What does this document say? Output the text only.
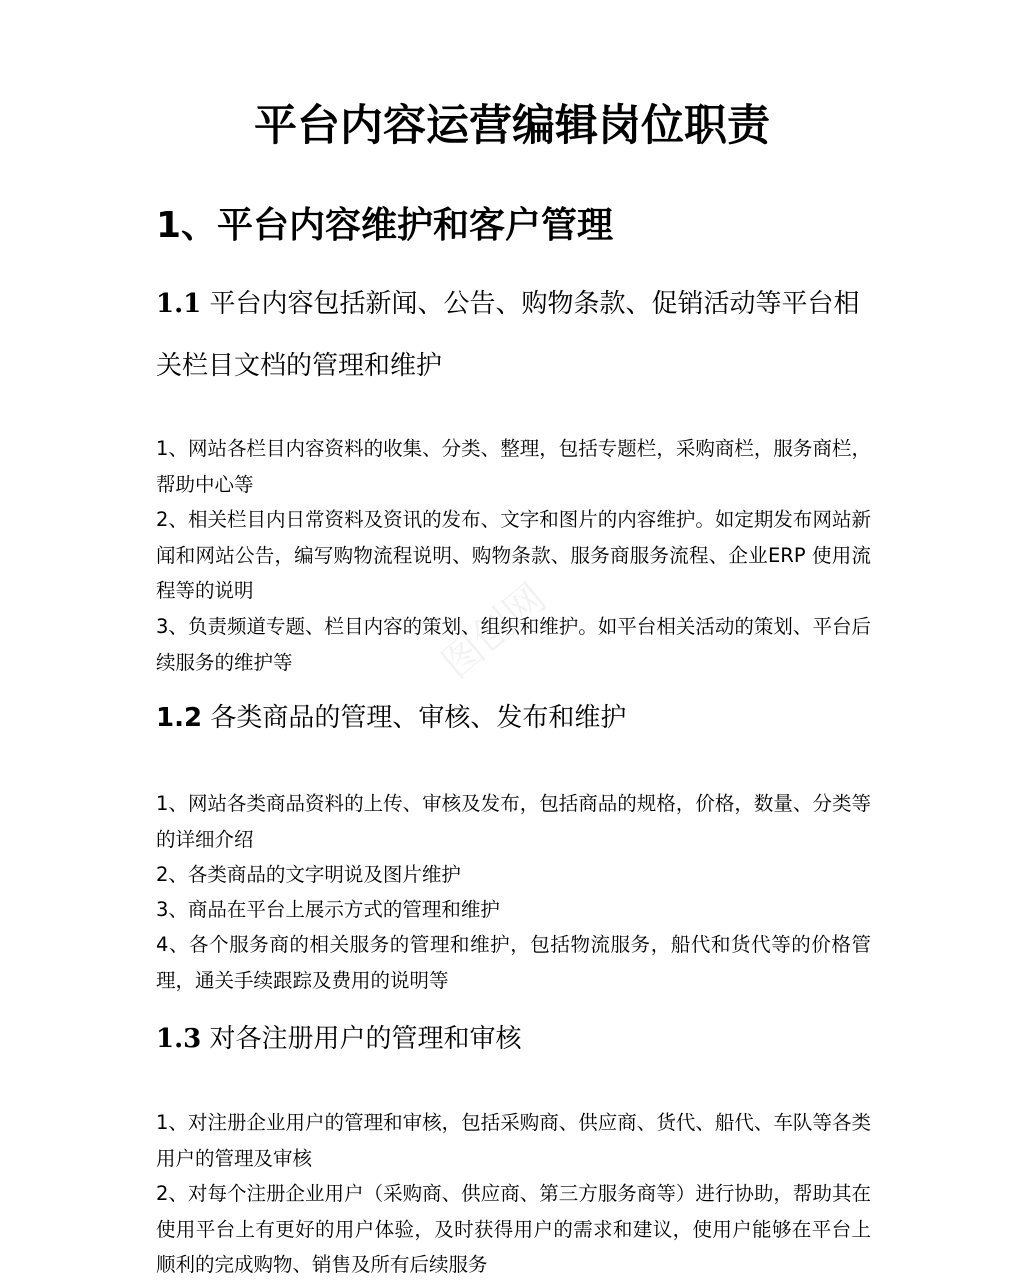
平台内容运营编辑岗位职责
1、平台内容维护和客户管理
1.1 平台内容包括新闻、公告、购物条款、促销活动等平台相关栏目文档的管理和维护

1、网站各栏目内容资料的收集、分类、整理，包括专题栏，采购商栏，服务商栏，帮助中心等

2、相关栏目内日常资料及资讯的发布、文字和图片的内容维护。如定期发布网站新闻和网站公告，编写购物流程说明、购物条款、服务商服务流程、企业ERP 使用流程等的说明

3、负责频道专题、栏目内容的策划、组织和维护。如平台相关活动的策划、平台后续服务的维护等

1.2 各类商品的管理、审核、发布和维护

1、网站各类商品资料的上传、审核及发布，包括商品的规格，价格，数量、分类等的详细介绍

2、各类商品的文字明说及图片维护

3、商品在平台上展示方式的管理和维护

4、各个服务商的相关服务的管理和维护，包括物流服务，船代和货代等的价格管理，通关手续跟踪及费用的说明等

1.3 对各注册用户的管理和审核

1、对注册企业用户的管理和审核，包括采购商、供应商、货代、船代、车队等各类用户的管理及审核

2、对每个注册企业用户（采购商、供应商、第三方服务商等）进行协助，帮助其在使用平台上有更好的用户体验，及时获得用户的需求和建议，使用户能够在平台上顺利的完成购物、销售及所有后续服务

图创网
